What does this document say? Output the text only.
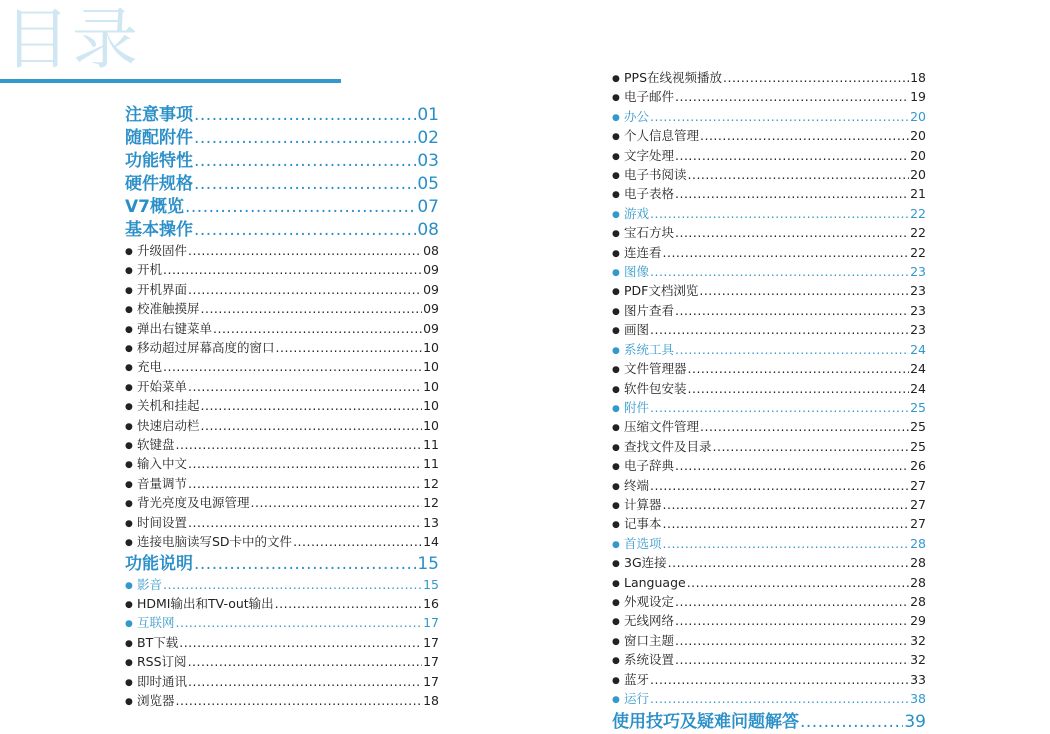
目录
注意事项 .....	01
随配附件 .....	02
功能特性 .....	03
硬件规格 .....	05
V7概览 .....	07
基本操作 .....	08
● 升级固件 .....	08
● 开机 .....	09
● 开机界面 .....	09
● 校准触摸屏 .....	09
● 弹出右键菜单 .....	09
● 移动超过屏幕高度的窗口 .....	10
● 充电 .....	10
● 开始菜单 .....	10
● 关机和挂起 .....	10
● 快速启动栏 .....	10
● 软键盘 .....	11
● 输入中文 .....	11
● 音量调节 .....	12
● 背光亮度及电源管理 .....	12
● 时间设置 .....	13
● 连接电脑读写SD卡中的文件 .....	14
功能说明 .....	15
● 影音 .....	15
● HDMI输出和TV-out输出 .....	16
● 互联网 .....	17
● BT下载 .....	17
● RSS订阅 .....	17
● 即时通讯 .....	17
● 浏览器 .....	18
● PPS在线视频播放 .....	18
● 电子邮件 .....	19
● 办公 .....	20
● 个人信息管理 .....	20
● 文字处理 .....	20
● 电子书阅读 .....	20
● 电子表格 .....	21
● 游戏 .....	22
● 宝石方块 .....	22
● 连连看 .....	22
● 图像 .....	23
● PDF文档浏览 .....	23
● 图片查看 .....	23
● 画图 .....	23
● 系统工具 .....	24
● 文件管理器 .....	24
● 软件包安装 .....	24
● 附件 .....	25
● 压缩文件管理 .....	25
● 查找文件及目录 .....	25
● 电子辞典 .....	26
● 终端 .....	27
● 计算器 .....	27
● 记事本 .....	27
● 首选项 .....	28
● 3G连接 .....	28
● Language .....	28
● 外观设定 .....	28
● 无线网络 .....	29
● 窗口主题 .....	32
● 系统设置 .....	32
● 蓝牙 .....	33
● 运行 .....	38
使用技巧及疑难问题解答 .....	39
